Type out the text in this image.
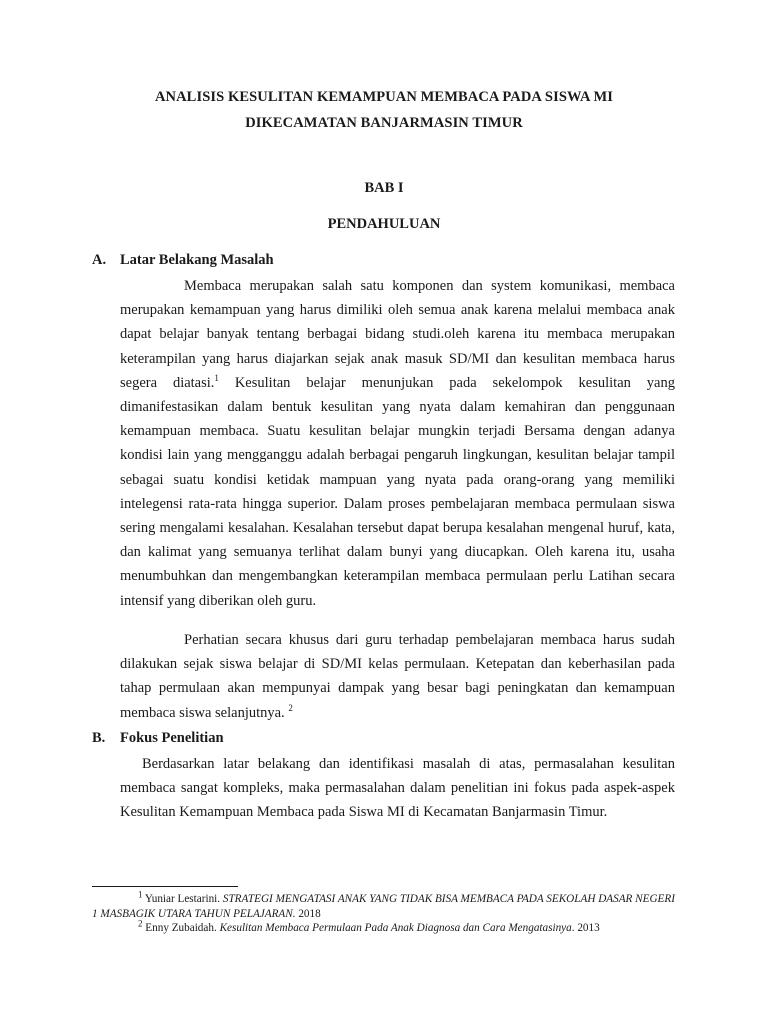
ANALISIS KESULITAN KEMAMPUAN MEMBACA PADA SISWA MI
DIKECAMATAN BANJARMASIN TIMUR
BAB I
PENDAHULUAN
A. Latar Belakang Masalah

Membaca merupakan salah satu komponen dan system komunikasi, membaca merupakan kemampuan yang harus dimiliki oleh semua anak karena melalui membaca anak dapat belajar banyak tentang berbagai bidang studi.oleh karena itu membaca merupakan keterampilan yang harus diajarkan sejak anak masuk SD/MI dan kesulitan membaca harus segera diatasi.$^1$ Kesulitan belajar menunjukan pada sekelompok kesulitan yang dimanifestasikan dalam bentuk kesulitan yang nyata dalam kemahiran dan penggunaan kemampuan membaca. Suatu kesulitan belajar mungkin terjadi Bersama dengan adanya kondisi lain yang mengganggu adalah berbagai pengaruh lingkungan, kesulitan belajar tampil sebagai suatu kondisi ketidak mampuan yang nyata pada orang-orang yang memiliki intelegensi rata-rata hingga superior. Dalam proses pembelajaran membaca permulaan siswa sering mengalami kesalahan. Kesalahan tersebut dapat berupa kesalahan mengenal huruf, kata, dan kalimat yang semuanya terlihat dalam bunyi yang diucapkan. Oleh karena itu, usaha menumbuhkan dan mengembangkan keterampilan membaca permulaan perlu Latihan secara intensif yang diberikan oleh guru.

Perhatian secara khusus dari guru terhadap pembelajaran membaca harus sudah dilakukan sejak siswa belajar di SD/MI kelas permulaan. Ketepatan dan keberhasilan pada tahap permulaan akan mempunyai dampak yang besar bagi peningkatan dan kemampuan membaca siswa selanjutnya. $^2$

B. Fokus Penelitian

Berdasarkan latar belakang dan identifikasi masalah di atas, permasalahan kesulitan membaca sangat kompleks, maka permasalahan dalam penelitian ini fokus pada aspek-aspek Kesulitan Kemampuan Membaca pada Siswa MI di Kecamatan Banjarmasin Timur.

$^1$ Yuniar Lestarini. STRATEGI MENGATASI ANAK YANG TIDAK BISA MEMBACA PADA SEKOLAH DASAR NEGERI 1 MASBAGIK UTARA TAHUN PELAJARAN. 2018

$^2$ Enny Zubaidah. Kesulitan Membaca Permulaan Pada Anak Diagnosa dan Cara Mengatasinya. 2013
